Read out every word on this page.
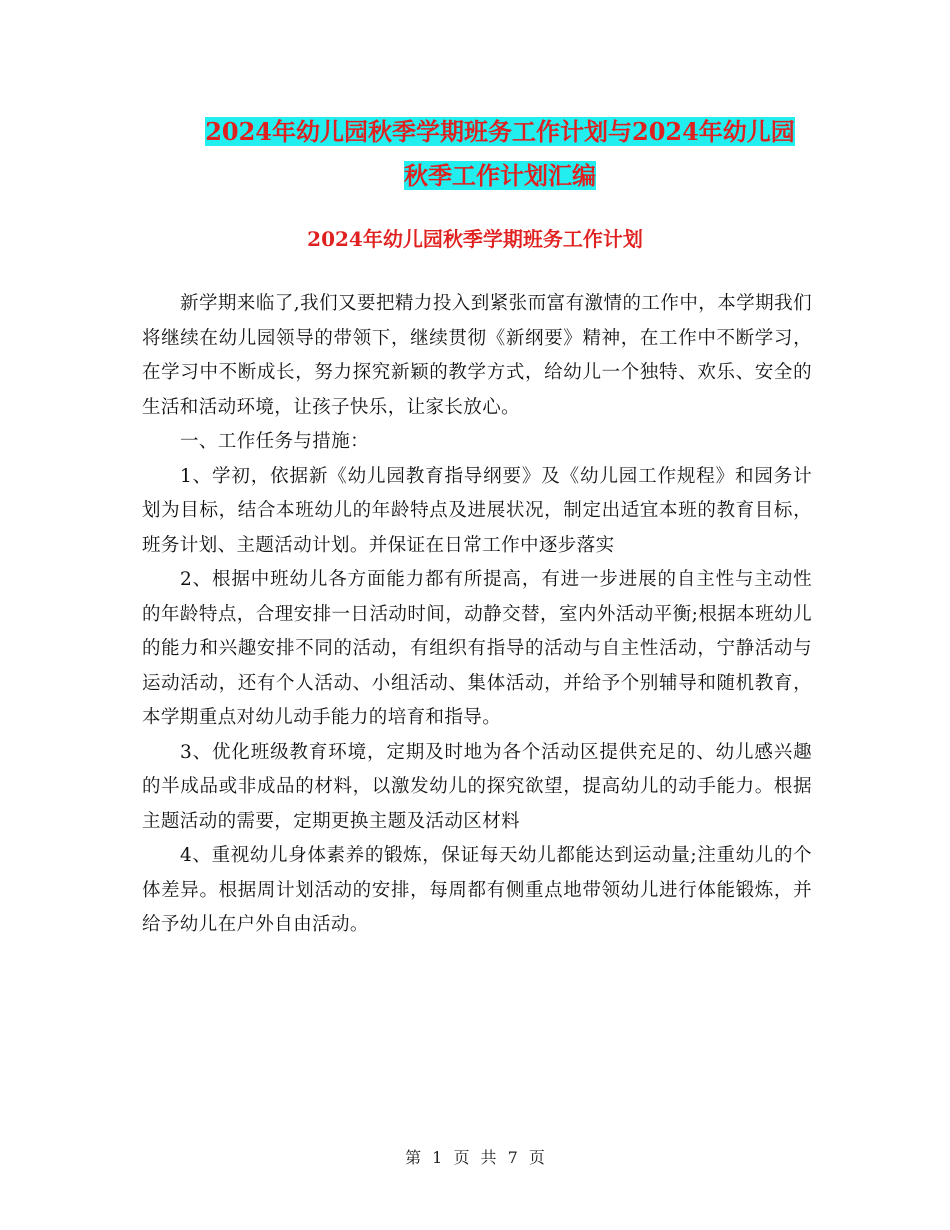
2024年幼儿园秋季学期班务工作计划与2024年幼儿园
秋季工作计划汇编
2024年幼儿园秋季学期班务工作计划

新学期来临了,我们又要把精力投入到紧张而富有激情的工作中，本学期我们将继续在幼儿园领导的带领下，继续贯彻《新纲要》精神，在工作中不断学习，在学习中不断成长，努力探究新颖的教学方式，给幼儿一个独特、欢乐、安全的生活和活动环境，让孩子快乐，让家长放心。

一、工作任务与措施：

1、学初，依据新《幼儿园教育指导纲要》及《幼儿园工作规程》和园务计划为目标，结合本班幼儿的年龄特点及进展状况，制定出适宜本班的教育目标，班务计划、主题活动计划。并保证在日常工作中逐步落实

2、根据中班幼儿各方面能力都有所提高，有进一步进展的自主性与主动性的年龄特点，合理安排一日活动时间，动静交替，室内外活动平衡;根据本班幼儿的能力和兴趣安排不同的活动，有组织有指导的活动与自主性活动，宁静活动与运动活动，还有个人活动、小组活动、集体活动，并给予个别辅导和随机教育，本学期重点对幼儿动手能力的培育和指导。

3、优化班级教育环境，定期及时地为各个活动区提供充足的、幼儿感兴趣的半成品或非成品的材料，以激发幼儿的探究欲望，提高幼儿的动手能力。根据主题活动的需要，定期更换主题及活动区材料

4、重视幼儿身体素养的锻炼，保证每天幼儿都能达到运动量;注重幼儿的个体差异。根据周计划活动的安排，每周都有侧重点地带领幼儿进行体能锻炼，并给予幼儿在户外自由活动。

第 1 页 共 7 页
